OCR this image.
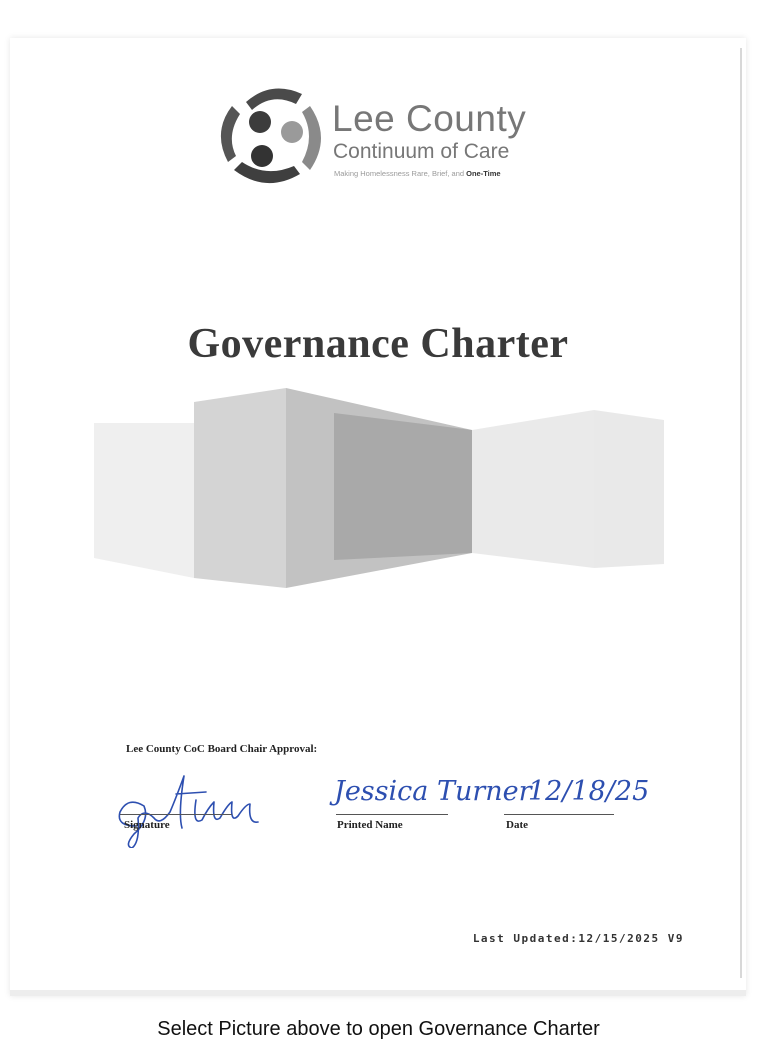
Lee County
Continuum of Care
Making Homelessness Rare, Brief, and One-Time
Governance Charter
Lee County CoC Board Chair Approval:
Signature
Jessica Turner
Printed Name
12/18/25
Date
Last Updated:12/15/2025 V9
Select Picture above to open Governance Charter
